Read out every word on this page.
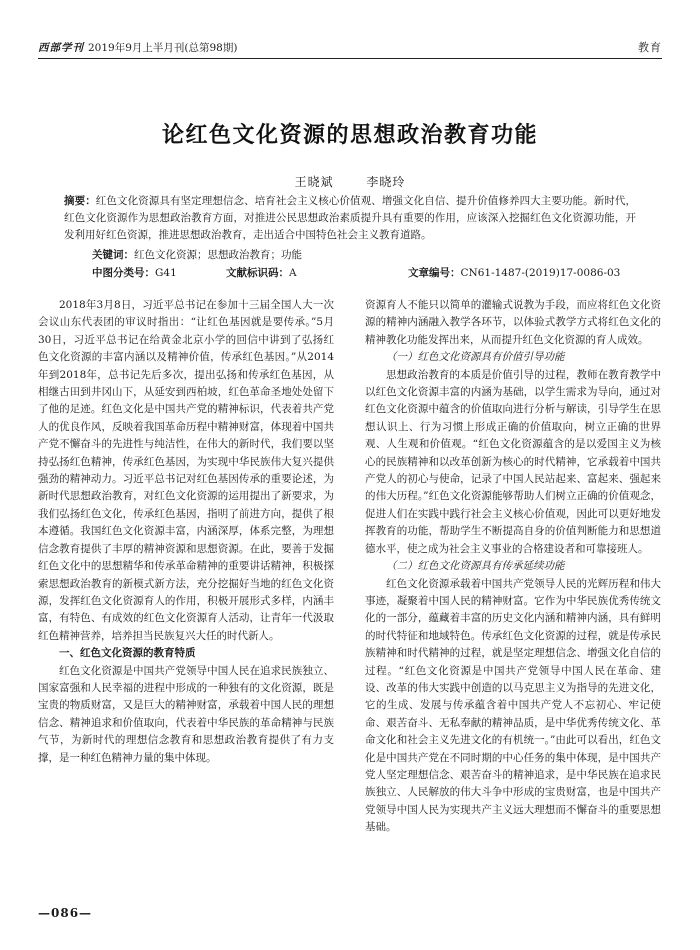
西部学刊 2019年9月上半月刊(总第98期)	教育
论红色文化资源的思想政治教育功能
王晓斌	李晓玲
摘要：红色文化资源具有坚定理想信念、培育社会主义核心价值观、增强文化自信、提升价值修养四大主要功能。新时代，红色文化资源作为思想政治教育方面，对推进公民思想政治素质提升具有重要的作用，应该深入挖掘红色文化资源功能，开发利用好红色资源，推进思想政治教育，走出适合中国特色社会主义教育道路。
关键词：红色文化资源；思想政治教育；功能
中图分类号：G41	文献标识码：A	文章编号：CN61-1487-(2019)17-0086-03

2018年3月8日，习近平总书记在参加十三届全国人大一次会议山东代表团的审议时指出：“让红色基因就是要传承。”5月30日，习近平总书记在给黄金北京小学的回信中讲到了弘扬红色文化资源的丰富内涵以及精神价值，传承红色基因。”从2014年到2018年，总书记先后多次，提出弘扬和传承红色基因，从相继古田到井冈山下，从延安到西柏坡，红色革命圣地处处留下了他的足迹。红色文化是中国共产党的精神标识，代表着共产党人的优良作风，反映着我国革命历程中精神财富，体现着中国共产党不懈奋斗的先进性与纯洁性，在伟大的新时代，我们要以坚持弘扬红色精神，传承红色基因，为实现中华民族伟大复兴提供强劲的精神动力。习近平总书记对红色基因传承的重要论述，为新时代思想政治教育，对红色文化资源的运用提出了新要求，为我们弘扬红色文化，传承红色基因，指明了前进方向，提供了根本遵循。我国红色文化资源丰富，内涵深厚，体系完整，为理想信念教育提供了丰厚的精神资源和思想资源。在此，要善于发掘红色文化中的思想精华和传承革命精神的重要讲话精神，积极探索思想政治教育的新模式新方法，充分挖掘好当地的红色文化资源，发挥红色文化资源育人的作用，积极开展形式多样，内涵丰富，有特色、有成效的红色文化资源育人活动，让青年一代汲取红色精神营养，培养担当民族复兴大任的时代新人。

一、红色文化资源的教育特质

红色文化资源是中国共产党领导中国人民在追求民族独立、国家富强和人民幸福的进程中形成的一种独有的文化资源，既是宝贵的物质财富，又是巨大的精神财富，承载着中国人民的理想信念、精神追求和价值取向，代表着中华民族的革命精神与民族气节，为新时代的理想信念教育和思想政治教育提供了有力支撑，是一种红色精神力量的集中体现。

资源育人不能只以简单的灌输式说教为手段，而应将红色文化资源的精神内涵融入教学各环节，以体验式教学方式将红色文化的精神教化功能发挥出来，从而提升红色文化资源的育人成效。

（一）红色文化资源具有价值引导功能

思想政治教育的本质是价值引导的过程，教师在教育教学中以红色文化资源丰富的内涵为基础，以学生需求为导向，通过对红色文化资源中蕴含的价值取向进行分析与解读，引导学生在思想认识上、行为习惯上形成正确的价值取向，树立正确的世界观、人生观和价值观。“红色文化资源蕴含的是以爱国主义为核心的民族精神和以改革创新为核心的时代精神，它承载着中国共产党人的初心与使命，记录了中国人民站起来、富起来、强起来的伟大历程。”红色文化资源能够帮助人们树立正确的价值观念，促进人们在实践中践行社会主义核心价值观，因此可以更好地发挥教育的功能，帮助学生不断提高自身的价值判断能力和思想道德水平，使之成为社会主义事业的合格建设者和可靠接班人。

（二）红色文化资源具有传承延续功能

红色文化资源承载着中国共产党领导人民的光辉历程和伟大事迹，凝聚着中国人民的精神财富。它作为中华民族优秀传统文化的一部分，蕴藏着丰富的历史文化内涵和精神内涵，具有鲜明的时代特征和地域特色。传承红色文化资源的过程，就是传承民族精神和时代精神的过程，就是坚定理想信念、增强文化自信的过程。“红色文化资源是中国共产党领导中国人民在革命、建设、改革的伟大实践中创造的以马克思主义为指导的先进文化，它的生成、发展与传承蕴含着中国共产党人不忘初心、牢记使命、艰苦奋斗、无私奉献的精神品质，是中华优秀传统文化、革命文化和社会主义先进文化的有机统一。”由此可以看出，红色文化是中国共产党在不同时期的中心任务的集中体现，是中国共产党人坚定理想信念、艰苦奋斗的精神追求，是中华民族在追求民族独立、人民解放的伟大斗争中形成的宝贵财富，也是中国共产党领导中国人民为实现共产主义远大理想而不懈奋斗的重要思想基础。

—086—
